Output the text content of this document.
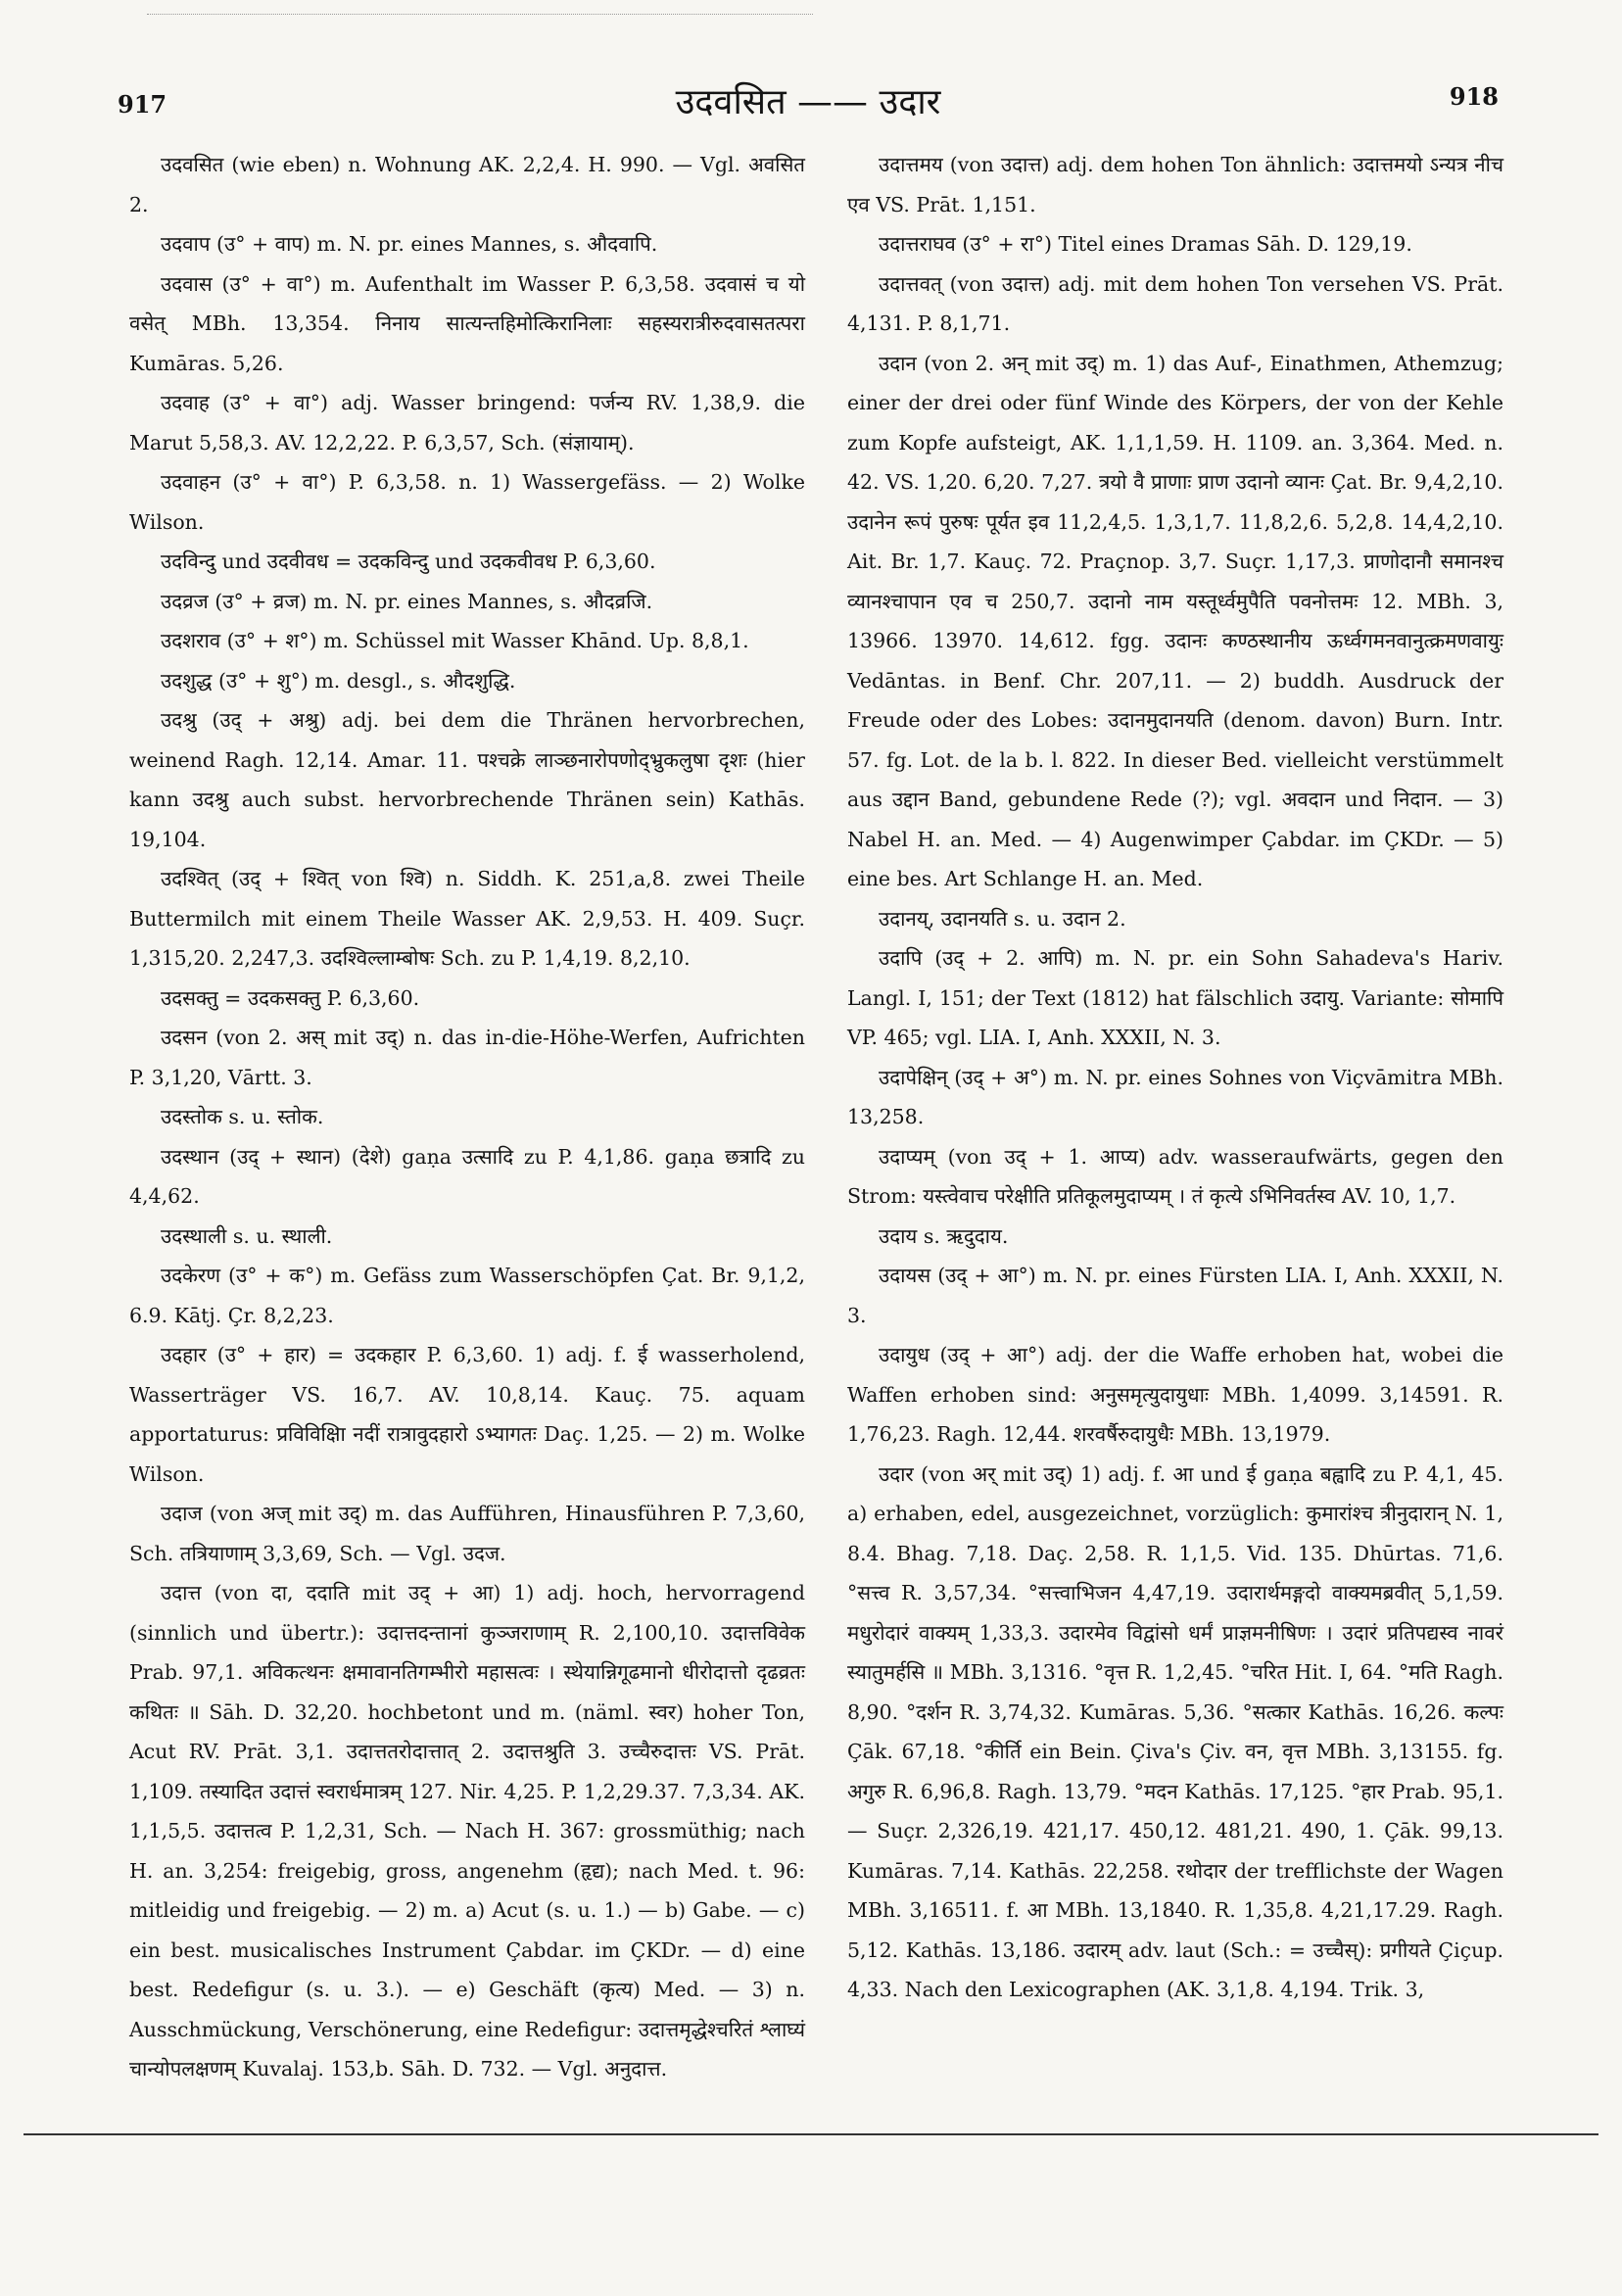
917	उदवसित —— उदार	918

उदवसित (wie eben) n. Wohnung AK. 2,2,4. H. 990. — Vgl. अवसित 2.

उदवाप (उ° + वाप) m. N. pr. eines Mannes, s. औदवापि.

उदवास (उ° + वा°) m. Aufenthalt im Wasser P. 6,3,58. उदवासं च यो वसेत् MBh. 13,354. निनाय सात्यन्तहिमोत्किरानिलाः सहस्यरात्रीरुदवासतत्परा Kumāras. 5,26.

उदवाह (उ° + वा°) adj. Wasser bringend: पर्जन्य RV. 1,38,9. die Marut 5,58,3. AV. 12,2,22. P. 6,3,57, Sch. (संज्ञायाम्).

उदवाहन (उ° + वा°) P. 6,3,58. n. 1) Wassergefäss. — 2) Wolke Wilson.

उदविन्दु und उदवीवध = उदकविन्दु und उदकवीवध P. 6,3,60.

उदव्रज (उ° + व्रज) m. N. pr. eines Mannes, s. औदव्रजि.

उदशराव (उ° + श°) m. Schüssel mit Wasser Khānd. Up. 8,8,1.

उदशुद्ध (उ° + शु°) m. desgl., s. औदशुद्धि.

उदश्रु (उद् + अश्रु) adj. bei dem die Thränen hervorbrechen, weinend Ragh. 12,14. Amar. 11. पश्चक्रे लाञ्छनारोपणोद्भ्रुकलुषा दृशः (hier kann उदश्रु auch subst. hervorbrechende Thränen sein) Kathās. 19,104.

उदश्वित् (उद् + श्वित् von श्वि) n. Siddh. K. 251,a,8. zwei Theile Buttermilch mit einem Theile Wasser AK. 2,9,53. H. 409. Suçr. 1,315,20. 2,247,3. उदश्विल्लाम्बोषः Sch. zu P. 1,4,19. 8,2,10.

उदसक्तु = उदकसक्तु P. 6,3,60.

उदसन (von 2. अस् mit उद्) n. das in-die-Höhe-Werfen, Aufrichten P. 3,1,20, Vārtt. 3.

उदस्तोक s. u. स्तोक.

उदस्थान (उद् + स्थान) (देशे) gaṇa उत्सादि zu P. 4,1,86. gaṇa छत्रादि zu 4,4,62.

उदस्थाली s. u. स्थाली.

उदकेरण (उ° + क°) m. Gefäss zum Wasserschöpfen Çat. Br. 9,1,2, 6.9. Kātj. Çr. 8,2,23.

उदहार (उ° + हार) = उदकहार P. 6,3,60. 1) adj. f. ई wasserholend, Wasserträger VS. 16,7. AV. 10,8,14. Kauç. 75. aquam apportaturus: प्रविविक्षिा नदीं रात्रावुदहारो ऽभ्यागतः Daç. 1,25. — 2) m. Wolke Wilson.

उदाज (von अज् mit उद्) m. das Aufführen, Hinausführen P. 7,3,60, Sch. तत्रियाणाम् 3,3,69, Sch. — Vgl. उदज.

उदात्त (von दा, ददाति mit उद् + आ) 1) adj. hoch, hervorragend (sinnlich und übertr.): उदात्तदन्तानां कुञ्जराणाम् R. 2,100,10. उदात्तविवेक Prab. 97,1. अविकत्थनः क्षमावानतिगम्भीरो महासत्वः । स्थेयान्निगूढमानो धीरोदात्तो दृढव्रतः कथितः ॥ Sāh. D. 32,20. hochbetont und m. (näml. स्वर) hoher Ton, Acut RV. Prāt. 3,1. उदात्ततरोदात्तात् 2. उदात्तश्रुति 3. उच्चैरुदात्तः VS. Prāt. 1,109. तस्यादित उदात्तं स्वरार्धमात्रम् 127. Nir. 4,25. P. 1,2,29.37. 7,3,34. AK. 1,1,5,5. उदात्तत्व P. 1,2,31, Sch. — Nach H. 367: grossmüthig; nach H. an. 3,254: freigebig, gross, angenehm (हृद्य); nach Med. t. 96: mitleidig und freigebig. — 2) m. a) Acut (s. u. 1.) — b) Gabe. — c) ein best. musicalisches Instrument Çabdar. im ÇKDr. — d) eine best. Redefigur (s. u. 3.). — e) Geschäft (कृत्य) Med. — 3) n. Ausschmückung, Verschönerung, eine Redefigur: उदात्तमृद्धेश्चरितं श्लाघ्यं चान्योपलक्षणम् Kuvalaj. 153,b. Sāh. D. 732. — Vgl. अनुदात्त.

उदात्तमय (von उदात्त) adj. dem hohen Ton ähnlich: उदात्तमयो ऽन्यत्र नीच एव VS. Prāt. 1,151.

उदात्तराघव (उ° + रा°) Titel eines Dramas Sāh. D. 129,19.

उदात्तवत् (von उदात्त) adj. mit dem hohen Ton versehen VS. Prāt. 4,131. P. 8,1,71.

उदान (von 2. अन् mit उद्) m. 1) das Auf-, Einathmen, Athemzug; einer der drei oder fünf Winde des Körpers, der von der Kehle zum Kopfe aufsteigt, AK. 1,1,1,59. H. 1109. an. 3,364. Med. n. 42. VS. 1,20. 6,20. 7,27. त्रयो वै प्राणाः प्राण उदानो व्यानः Çat. Br. 9,4,2,10. उदानेन रूपं पुरुषः पूर्यत इव 11,2,4,5. 1,3,1,7. 11,8,2,6. 5,2,8. 14,4,2,10. Ait. Br. 1,7. Kauç. 72. Praçnop. 3,7. Suçr. 1,17,3. प्राणोदानौ समानश्च व्यानश्चापान एव च 250,7. उदानो नाम यस्तूर्ध्वमुपैति पवनोत्तमः 12. MBh. 3, 13966. 13970. 14,612. fgg. उदानः कण्ठस्थानीय ऊर्ध्वगमनवानुत्क्रमणवायुः Vedāntas. in Benf. Chr. 207,11. — 2) buddh. Ausdruck der Freude oder des Lobes: उदानमुदानयति (denom. davon) Burn. Intr. 57. fg. Lot. de la b. l. 822. In dieser Bed. vielleicht verstümmelt aus उद्दान Band, gebundene Rede (?); vgl. अवदान und निदान. — 3) Nabel H. an. Med. — 4) Augenwimper Çabdar. im ÇKDr. — 5) eine bes. Art Schlange H. an. Med.

उदानय्, उदानयति s. u. उदान 2.

उदापि (उद् + 2. आपि) m. N. pr. ein Sohn Sahadeva's Hariv. Langl. I, 151; der Text (1812) hat fälschlich उदायु. Variante: सोमापि VP. 465; vgl. LIA. I, Anh. XXXII, N. 3.

उदापेक्षिन् (उद् + अ°) m. N. pr. eines Sohnes von Viçvāmitra MBh. 13,258.

उदाप्यम् (von उद् + 1. आप्य) adv. wasseraufwärts, gegen den Strom: यस्त्वेवाच परेक्षीति प्रतिकूलमुदाप्यम् । तं कृत्ये ऽभिनिवर्तस्व AV. 10, 1,7.

उदाय s. ऋदुदाय.

उदायस (उद् + आ°) m. N. pr. eines Fürsten LIA. I, Anh. XXXII, N. 3.

उदायुध (उद् + आ°) adj. der die Waffe erhoben hat, wobei die Waffen erhoben sind: अनुसमृत्युदायुधाः MBh. 1,4099. 3,14591. R. 1,76,23. Ragh. 12,44. शरवर्षैरुदायुधैः MBh. 13,1979.

उदार (von अर् mit उद्) 1) adj. f. आ und ई gaṇa बह्वादि zu P. 4,1, 45. a) erhaben, edel, ausgezeichnet, vorzüglich: कुमारांश्च त्रीनुदारान् N. 1, 8.4. Bhag. 7,18. Daç. 2,58. R. 1,1,5. Vid. 135. Dhūrtas. 71,6. °सत्त्व R. 3,57,34. °सत्त्वाभिजन 4,47,19. उदारार्थमङ्गदो वाक्यमब्रवीत् 5,1,59. मधुरोदारं वाक्यम् 1,33,3. उदारमेव विद्वांसो धर्मं प्राज्ञमनीषिणः । उदारं प्रतिपद्यस्व नावरं स्यातुमर्हसि ॥ MBh. 3,1316. °वृत्त R. 1,2,45. °चरित Hit. I, 64. °मति Ragh. 8,90. °दर्शन R. 3,74,32. Kumāras. 5,36. °सत्कार Kathās. 16,26. कल्पः Çāk. 67,18. °कीर्ति ein Bein. Çiva's Çiv. वन, वृत्त MBh. 3,13155. fg. अगुरु R. 6,96,8. Ragh. 13,79. °मदन Kathās. 17,125. °हार Prab. 95,1. — Suçr. 2,326,19. 421,17. 450,12. 481,21. 490, 1. Çāk. 99,13. Kumāras. 7,14. Kathās. 22,258. रथोदार der trefflichste der Wagen MBh. 3,16511. f. आ MBh. 13,1840. R. 1,35,8. 4,21,17.29. Ragh. 5,12. Kathās. 13,186. उदारम् adv. laut (Sch.: = उच्चैस्): प्रगीयते Çiçup. 4,33. Nach den Lexicographen (AK. 3,1,8. 4,194. Trik. 3,
